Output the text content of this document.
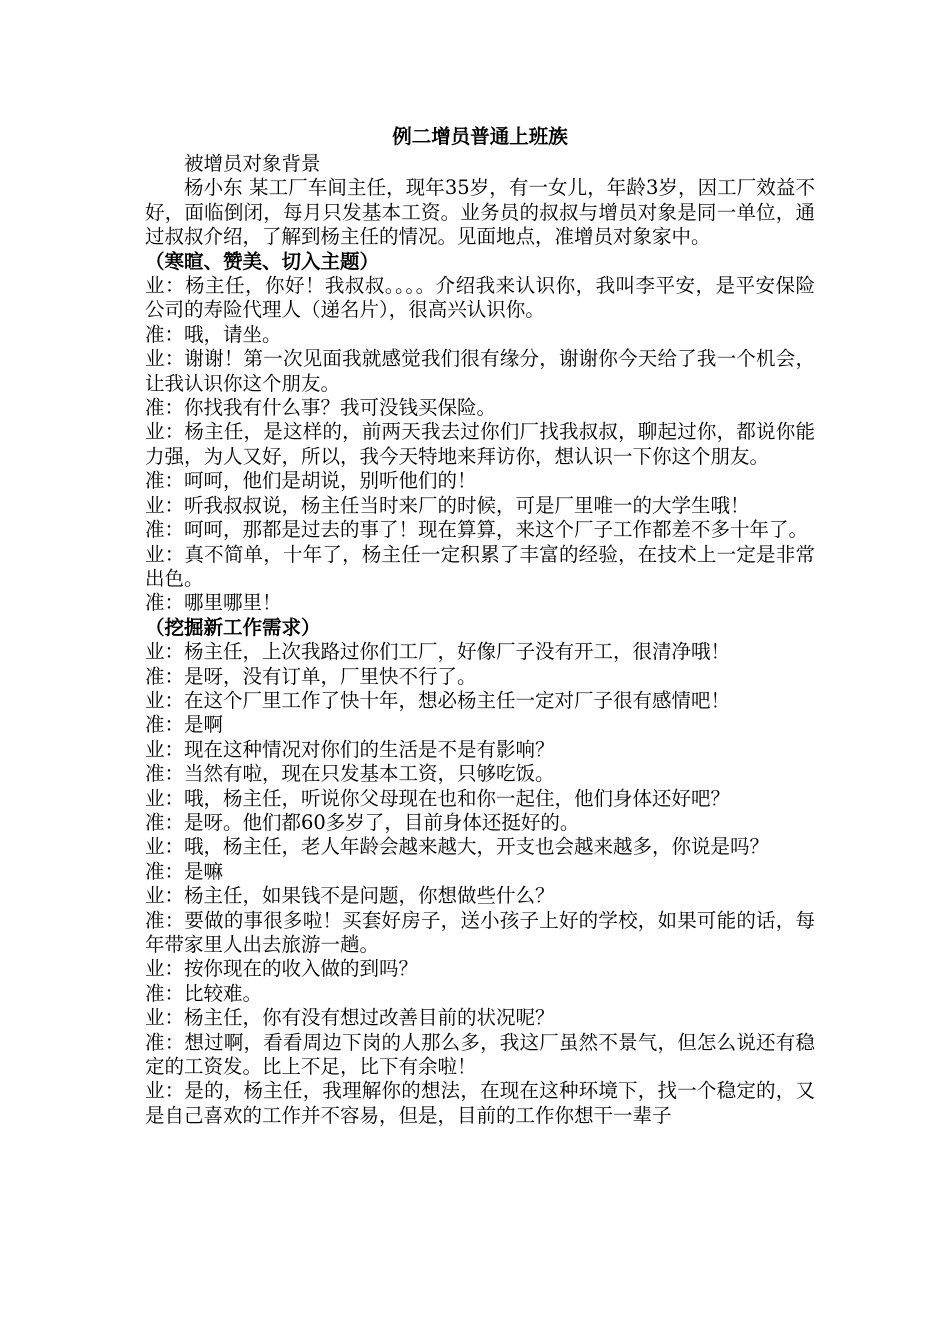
例二增员普通上班族

被增员对象背景

杨小东 某工厂车间主任，现年35岁，有一女儿，年龄3岁，因工厂效益不好，面临倒闭，每月只发基本工资。业务员的叔叔与增员对象是同一单位，通过叔叔介绍，了解到杨主任的情况。见面地点，准增员对象家中。

（寒暄、赞美、切入主题）

业：杨主任，你好！我叔叔。。。。介绍我来认识你，我叫李平安，是平安保险公司的寿险代理人（递名片），很高兴认识你。

准：哦，请坐。

业：谢谢！第一次见面我就感觉我们很有缘分，谢谢你今天给了我一个机会，让我认识你这个朋友。

准：你找我有什么事？我可没钱买保险。

业：杨主任，是这样的，前两天我去过你们厂找我叔叔，聊起过你，都说你能力强，为人又好，所以，我今天特地来拜访你，想认识一下你这个朋友。

准：呵呵，他们是胡说，别听他们的！

业：听我叔叔说，杨主任当时来厂的时候，可是厂里唯一的大学生哦！

准：呵呵，那都是过去的事了！现在算算，来这个厂子工作都差不多十年了。

业：真不简单，十年了，杨主任一定积累了丰富的经验，在技术上一定是非常出色。

准：哪里哪里！

（挖掘新工作需求）

业：杨主任，上次我路过你们工厂，好像厂子没有开工，很清净哦！

准：是呀，没有订单，厂里快不行了。

业：在这个厂里工作了快十年，想必杨主任一定对厂子很有感情吧！

准：是啊

业：现在这种情况对你们的生活是不是有影响？

准：当然有啦，现在只发基本工资，只够吃饭。

业：哦，杨主任，听说你父母现在也和你一起住，他们身体还好吧？

准：是呀。他们都60多岁了，目前身体还挺好的。

业：哦，杨主任，老人年龄会越来越大，开支也会越来越多，你说是吗？

准：是嘛

业：杨主任，如果钱不是问题，你想做些什么？

准：要做的事很多啦！买套好房子，送小孩子上好的学校，如果可能的话，每年带家里人出去旅游一趟。

业：按你现在的收入做的到吗？

准：比较难。

业：杨主任，你有没有想过改善目前的状况呢？

准：想过啊，看看周边下岗的人那么多，我这厂虽然不景气，但怎么说还有稳定的工资发。比上不足，比下有余啦！

业：是的，杨主任，我理解你的想法，在现在这种环境下，找一个稳定的，又是自己喜欢的工作并不容易，但是，目前的工作你想干一辈子
